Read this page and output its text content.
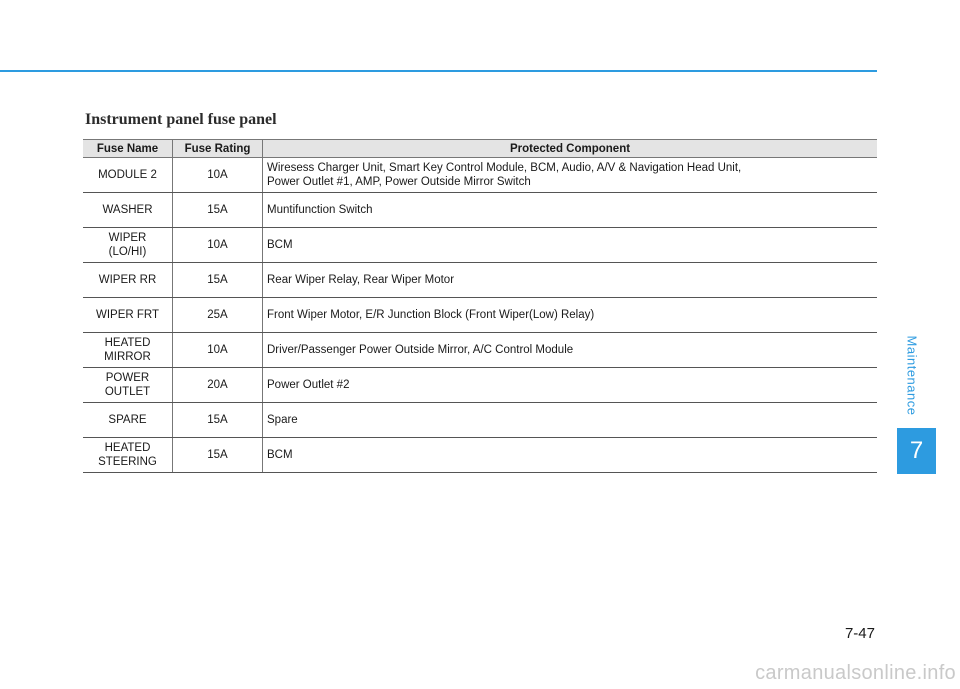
Instrument panel fuse panel
Fuse Name	Fuse Rating	Protected Component
MODULE 2	10A	Wiresess Charger Unit, Smart Key Control Module, BCM, Audio, A/V & Navigation Head Unit,
Power Outlet #1, AMP, Power Outside Mirror Switch
WASHER	15A	Muntifunction Switch
WIPER
(LO/HI)	10A	BCM
WIPER RR	15A	Rear Wiper Relay, Rear Wiper Motor
WIPER FRT	25A	Front Wiper Motor, E/R Junction Block (Front Wiper(Low) Relay)
HEATED
MIRROR	10A	Driver/Passenger Power Outside Mirror, A/C Control Module
POWER
OUTLET	20A	Power Outlet #2
SPARE	15A	Spare
HEATED
STEERING	15A	BCM
Maintenance
7
7-47
carmanualsonline.info
